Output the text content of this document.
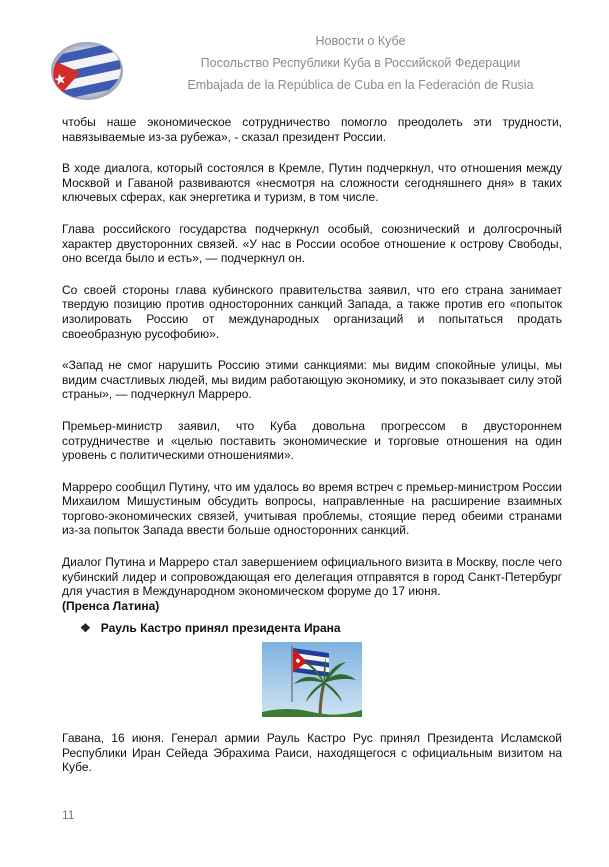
Новости о Кубе
Посольство Республики Куба в Российской Федерации
Embajada de la República de Cuba en la Federación de Rusia

чтобы наше экономическое сотрудничество помогло преодолеть эти трудности, навязываемые из-за рубежа», - сказал президент России.

В ходе диалога, который состоялся в Кремле, Путин подчеркнул, что отношения между Москвой и Гаваной развиваются «несмотря на сложности сегодняшнего дня» в таких ключевых сферах, как энергетика и туризм, в том числе.

Глава российского государства подчеркнул особый, союзнический и долгосрочный характер двусторонних связей. «У нас в России особое отношение к острову Свободы, оно всегда было и есть», — подчеркнул он.

Со своей стороны глава кубинского правительства заявил, что его страна занимает твердую позицию против односторонних санкций Запада, а также против его «попыток изолировать Россию от международных организаций и попытаться продать своеобразную русофобию».

«Запад не смог нарушить Россию этими санкциями: мы видим спокойные улицы, мы видим счастливых людей, мы видим работающую экономику, и это показывает силу этой страны», — подчеркнул Марреро.

Премьер-министр заявил, что Куба довольна прогрессом в двустороннем сотрудничестве и «целью поставить экономические и торговые отношения на один уровень с политическими отношениями».

Марреро сообщил Путину, что им удалось во время встреч с премьер-министром России Михаилом Мишустиным обсудить вопросы, направленные на расширение взаимных торгово-экономических связей, учитывая проблемы, стоящие перед обеими странами из-за попыток Запада ввести больше односторонних санкций.

Диалог Путина и Марреро стал завершением официального визита в Москву, после чего кубинский лидер и сопровождающая его делегация отправятся в город Санкт-Петербург для участия в Международном экономическом форуме до 17 июня.
(Пренса Латина)

❖ Рауль Кастро принял президента Ирана

Гавана, 16 июня. Генерал армии Рауль Кастро Рус принял Президента Исламской Республики Иран Сейеда Эбрахима Раиси, находящегося с официальным визитом на Кубе.

11
